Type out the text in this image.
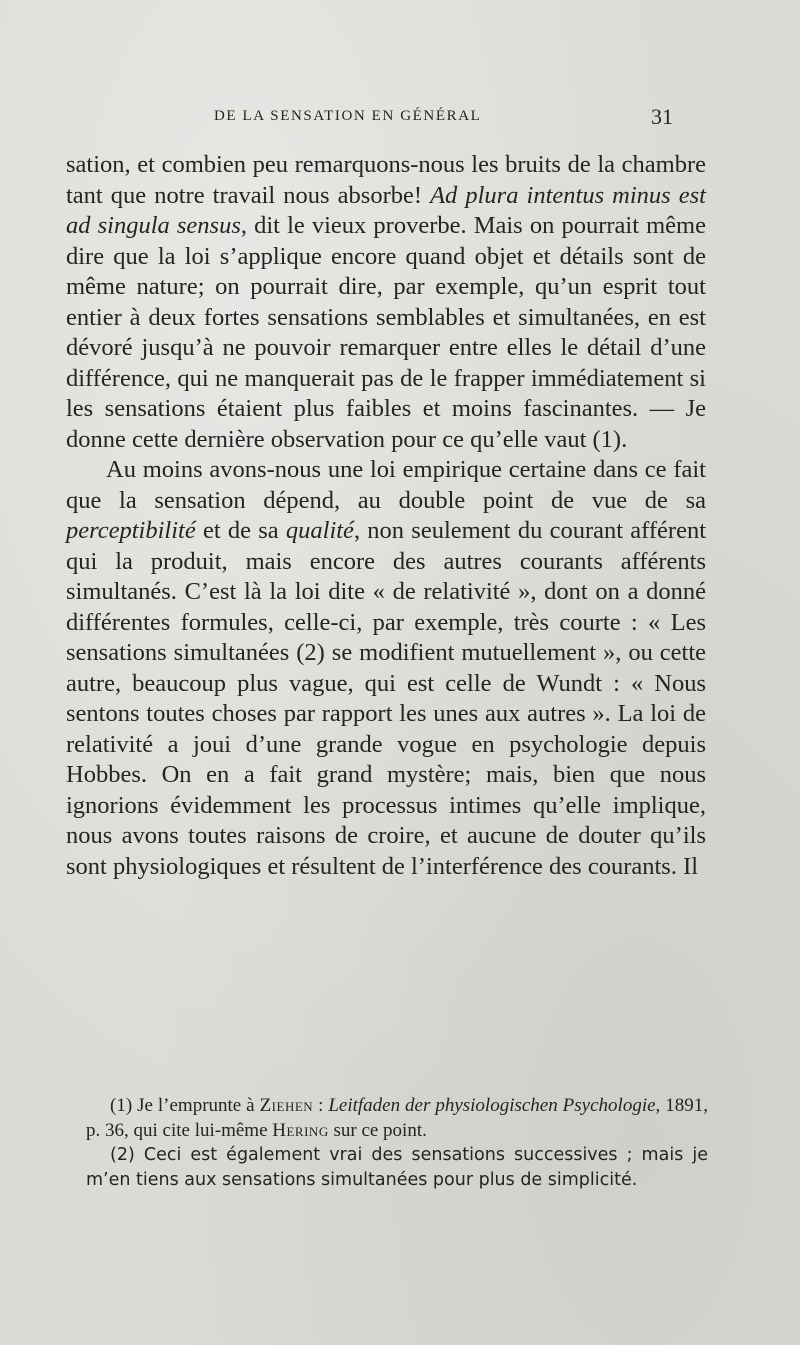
DE LA SENSATION EN GÉNÉRAL	31

sation, et combien peu remarquons-nous les bruits de la chambre tant que notre travail nous absorbe! Ad plura intentus minus est ad singula sensus, dit le vieux proverbe. Mais on pourrait même dire que la loi s’applique encore quand objet et détails sont de même nature; on pourrait dire, par exemple, qu’un esprit tout entier à deux fortes sensations semblables et simultanées, en est dévoré jusqu’à ne pouvoir remarquer entre elles le détail d’une différence, qui ne manquerait pas de le frapper immédiatement si les sensations étaient plus faibles et moins fascinantes. — Je donne cette dernière observation pour ce qu’elle vaut (1).

Au moins avons-nous une loi empirique certaine dans ce fait que la sensation dépend, au double point de vue de sa perceptibilité et de sa qualité, non seulement du courant afférent qui la produit, mais encore des autres courants afférents simultanés. C’est là la loi dite « de relativité », dont on a donné différentes formules, celle-ci, par exemple, très courte : « Les sensations simultanées (2) se modifient mutuellement », ou cette autre, beaucoup plus vague, qui est celle de Wundt : « Nous sentons toutes choses par rapport les unes aux autres ». La loi de relativité a joui d’une grande vogue en psychologie depuis Hobbes. On en a fait grand mystère; mais, bien que nous ignorions évidemment les processus intimes qu’elle implique, nous avons toutes raisons de croire, et aucune de douter qu’ils sont physiologiques et résultent de l’interférence des courants. Il

(1) Je l’emprunte à Ziehen : Leitfaden der physiologischen Psychologie, 1891, p. 36, qui cite lui-même Hering sur ce point.

(2) Ceci est également vrai des sensations successives ; mais je m’en tiens aux sensations simultanées pour plus de simplicité.
